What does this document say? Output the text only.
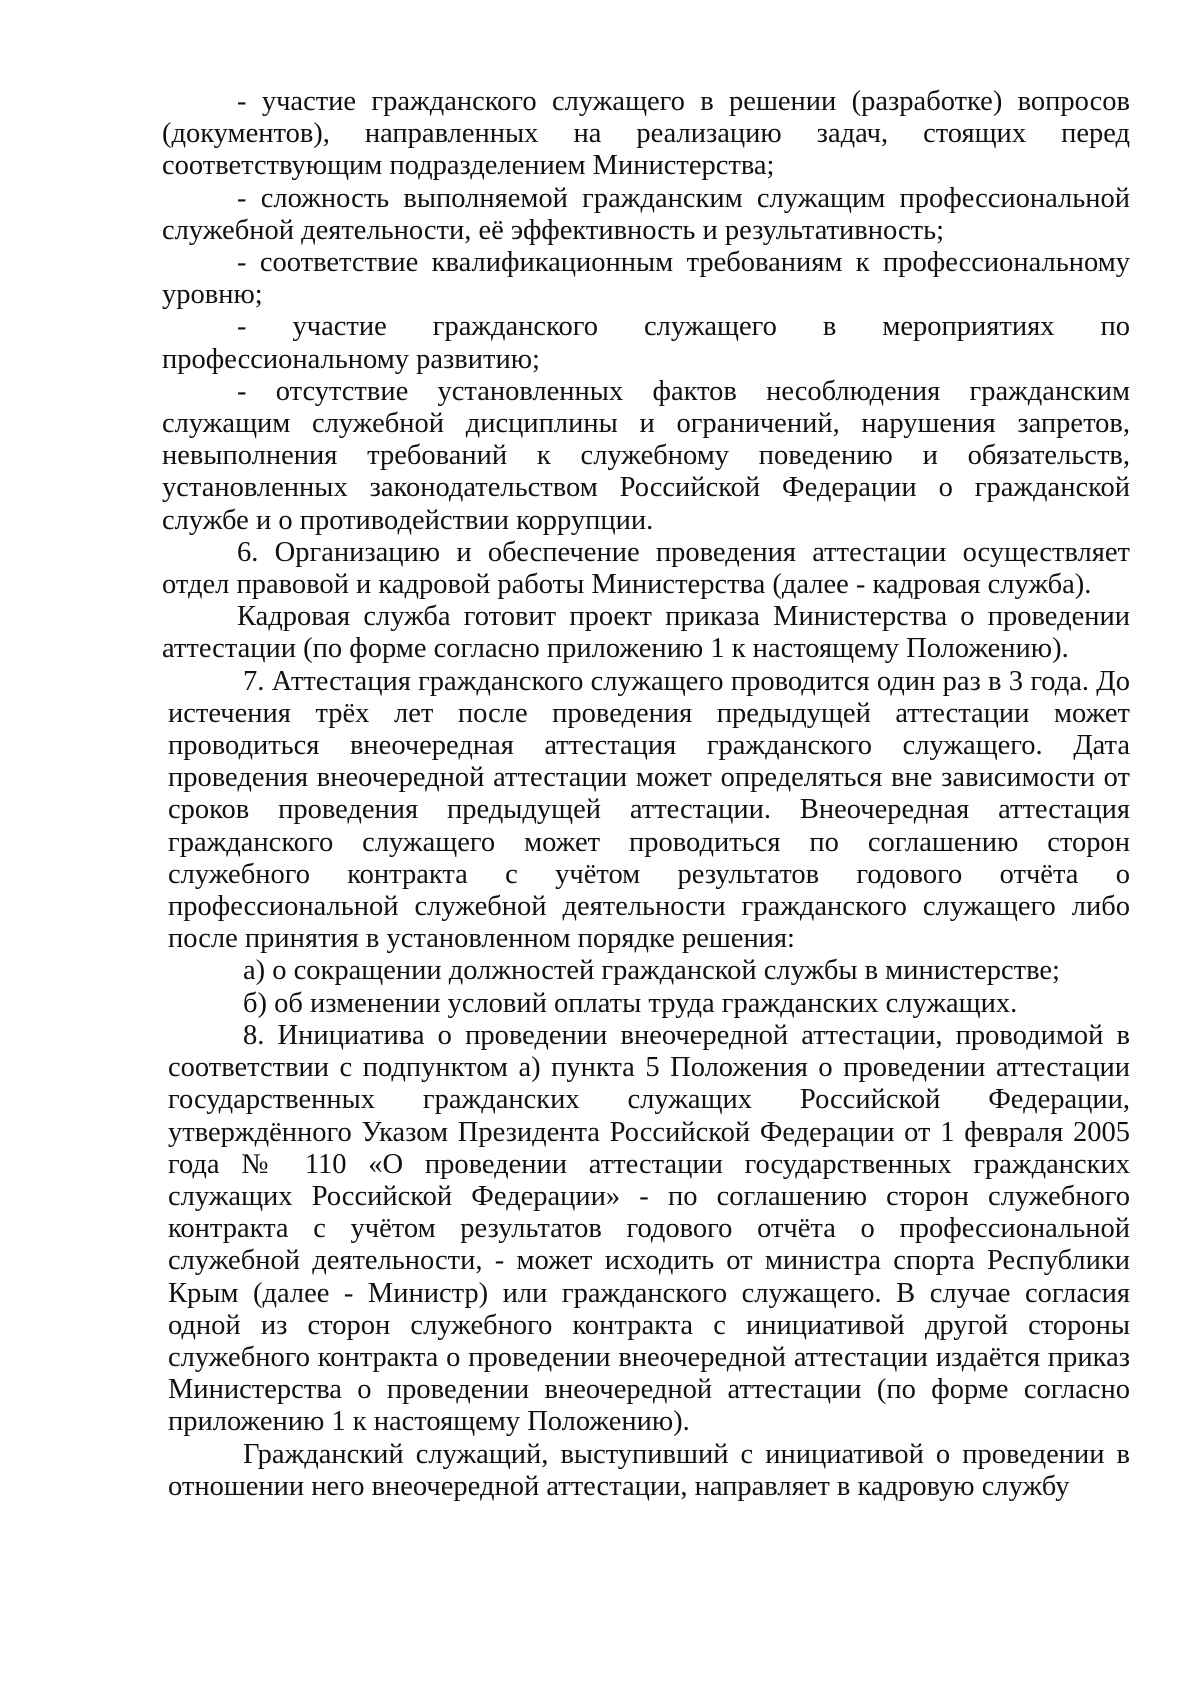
- участие гражданского служащего в решении (разработке) вопросов (документов), направленных на реализацию задач, стоящих перед соответствующим подразделением Министерства;

- сложность выполняемой гражданским служащим профессиональной служебной деятельности, её эффективность и результативность;

- соответствие квалификационным требованиям к профессиональному уровню;

- участие гражданского служащего в мероприятиях по профессиональному развитию;

- отсутствие установленных фактов несоблюдения гражданским служащим служебной дисциплины и ограничений, нарушения запретов, невыполнения требований к служебному поведению и обязательств, установленных законодательством Российской Федерации о гражданской службе и о противодействии коррупции.

6. Организацию и обеспечение проведения аттестации осуществляет отдел правовой и кадровой работы Министерства (далее - кадровая служба).

Кадровая служба готовит проект приказа Министерства о проведении аттестации (по форме согласно приложению 1 к настоящему Положению).

7. Аттестация гражданского служащего проводится один раз в 3 года. До истечения трёх лет после проведения предыдущей аттестации может проводиться внеочередная аттестация гражданского служащего. Дата проведения внеочередной аттестации может определяться вне зависимости от сроков проведения предыдущей аттестации. Внеочередная аттестация гражданского служащего может проводиться по соглашению сторон служебного контракта с учётом результатов годового отчёта о профессиональной служебной деятельности гражданского служащего либо после принятия в установленном порядке решения:

а) о сокращении должностей гражданской службы в министерстве;

б) об изменении условий оплаты труда гражданских служащих.

8. Инициатива о проведении внеочередной аттестации, проводимой в соответствии с подпунктом а) пункта 5 Положения о проведении аттестации государственных гражданских служащих Российской Федерации, утверждённого Указом Президента Российской Федерации от 1 февраля 2005 года № 110 «О проведении аттестации государственных гражданских служащих Российской Федерации» - по соглашению сторон служебного контракта с учётом результатов годового отчёта о профессиональной служебной деятельности, - может исходить от министра спорта Республики Крым (далее - Министр) или гражданского служащего. В случае согласия одной из сторон служебного контракта с инициативой другой стороны служебного контракта о проведении внеочередной аттестации издаётся приказ Министерства о проведении внеочередной аттестации (по форме согласно приложению 1 к настоящему Положению).

Гражданский служащий, выступивший с инициативой о проведении в отношении него внеочередной аттестации, направляет в кадровую службу
